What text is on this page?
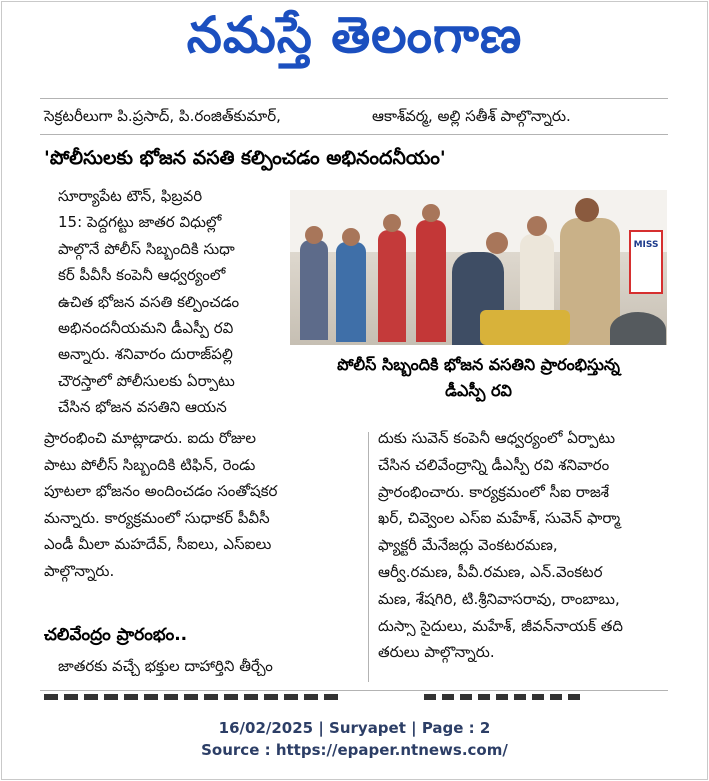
నమస్తే తెలంగాణ
సెక్రటరీలుగా పి.ప్రసాద్, పి.రంజిత్‌కుమార్,	ఆకాశ్‌వర్మ, అల్లి సతీశ్ పాల్గొన్నారు.
'పోలీసులకు భోజన వసతి కల్పించడం అభినందనీయం'
సూర్యాపేట టౌన్, ఫిబ్రవరి
15: పెద్దగట్టు జాతర విధుల్లో
పాల్గొనే పోలీస్ సిబ్బందికి సుధా
కర్ పీవీసీ కంపెనీ ఆధ్వర్యంలో
ఉచిత భోజన వసతి కల్పించడం
అభినందనీయమని డీఎస్పీ రవి
అన్నారు. శనివారం దురాజ్‌పల్లి
చౌరస్తాలో పోలీసులకు ఏర్పాటు
చేసిన భోజన వసతిని ఆయన
MISS
పోలీస్ సిబ్బందికి భోజన వసతిని ప్రారంభిస్తున్న
డీఎస్పీ రవి
ప్రారంభించి మాట్లాడారు. ఐదు రోజుల
పాటు పోలీస్ సిబ్బందికి టిఫిన్, రెండు
పూటలా భోజనం అందించడం సంతోషకర
మన్నారు. కార్యక్రమంలో సుధాకర్ పీవీసీ
ఎండీ మీలా మహదేవ్, సీఐలు, ఎస్ఐలు
పాల్గొన్నారు.
చలివేంద్రం ప్రారంభం..
జాతరకు వచ్చే భక్తుల దాహార్తిని తీర్చేం
దుకు సువెన్ కంపెనీ ఆధ్వర్యంలో ఏర్పాటు
చేసిన చలివేంద్రాన్ని డీఎస్పీ రవి శనివారం
ప్రారంభించారు. కార్యక్రమంలో సీఐ రాజశే
ఖర్, చివ్వెంల ఎస్ఐ మహేశ్, సువెన్ ఫార్మా
ఫ్యాక్టరీ మేనేజర్లు వెంకటరమణ,
ఆర్వీ.రమణ, పీవీ.రమణ, ఎన్.వెంకటర
మణ, శేషగిరి, టి.శ్రీనివాసరావు, రాంబాబు,
దుస్సా సైదులు, మహేశ్, జీవన్‌నాయక్ తది
తరులు పాల్గొన్నారు.
16/02/2025 | Suryapet | Page : 2
Source : https://epaper.ntnews.com/
